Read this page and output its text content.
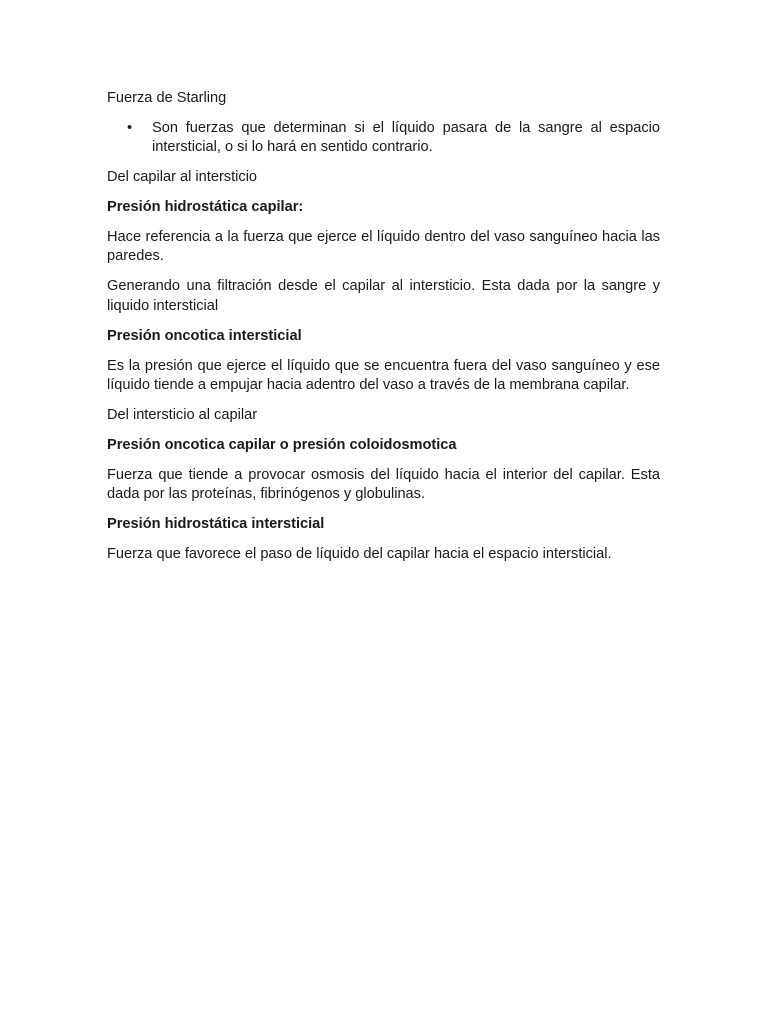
Fuerza de Starling

• Son fuerzas que determinan si el líquido pasara de la sangre al espacio intersticial, o si lo hará en sentido contrario.

Del capilar al intersticio

Presión hidrostática capilar:

Hace referencia a la fuerza que ejerce el líquido dentro del vaso sanguíneo hacia las paredes.

Generando una filtración desde el capilar al intersticio. Esta dada por la sangre y liquido intersticial

Presión oncotica intersticial

Es la presión que ejerce el líquido que se encuentra fuera del vaso sanguíneo y ese líquido tiende a empujar hacia adentro del vaso a través de la membrana capilar.

Del intersticio al capilar

Presión oncotica capilar o presión coloidosmotica

Fuerza que tiende a provocar osmosis del líquido hacia el interior del capilar. Esta dada por las proteínas, fibrinógenos y globulinas.

Presión hidrostática intersticial

Fuerza que favorece el paso de líquido del capilar hacia el espacio intersticial.
